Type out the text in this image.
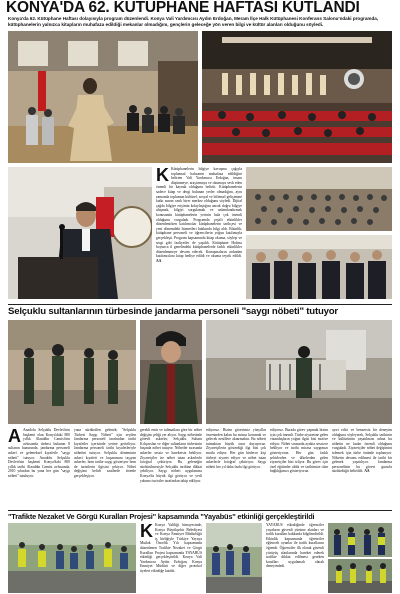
KONYA'DA 62. KÜTÜPHANE HAFTASI KUTLANDI
Konya'da 62. Kütüphane Haftası dolayısıyla program düzenlendi. Konya Vali Yardımcısı Aydın Erdoğan, Meram İlçe Halk Kütüphanesi Konferans Salonu'ndaki programda, kütüphanelerin yalnızca kitapların muhafaza edildiği mekanlar olmadığını, gençlerin geleceğe yön veren bilgi ve kültür alanları olduğunu söyledi.
K Kütüphanelerin bilgiye kavuşma çağıyla toplumsal hafızanın muhafaza edildiğini belirten Vali Yardımcısı Erdoğan, insanı düşünmeye, araştırmaya ve okumaya sevk eden önemli bir kaynak olduğunu belirtti. Kütüphanelerin sadece kitap ve dergi bulunan yerler olmadığını, aynı zamanda toplumun kültürel, sosyal ve bilimsel gelişimine katkı sunan canlı birer merkez olduğunu söyledi. Dijital çağda bilgiye erişimin kolaylaştığını ancak doğru bilgiye ulaşmak, bilgiyi sorgulamak ve anlamlandırmak konusunda kütüphanelerin yerinin hala çok önemli olduğunu vurguladı. Programda çeşitli etkinlikler düzenlenirken katılımcılar kütüphanelerin tarihçesi ve yeni dönemdeki hizmetleri hakkında bilgi aldı. Etkinlik, kütüphane personeli ve öğrencilerin yoğun katılımıyla gerçekleşti. Program kapsamında kitap okuma, söyleşi ve sergi gibi faaliyetler de yapıldı. Kütüphane Haftası boyunca il genelindeki kütüphanelerde farklı etkinlikler düzenlenmeye devam edecek. Konuşmaların ardından katılımcılara kitap hediye edildi ve okuma teşvik edildi. AA
Selçuklu sultanlarının türbesinde jandarma personeli "saygı nöbeti" tutuyor
A Anadolu Selçuklu Devleti'nin başkenti olan Konya'daki 800 yıllık Alaaddin Camisi'nin avlusunda türbesi bulunan 8 sultanın huzurunda, jandarma personeli askeri ve geleneksel kıyafetle "saygı nöbeti" tutuyor. Anadolu Selçuklu Devleti'nin başkenti Konya'daki 800 yıllık tarihi Alaaddin Camisi avlusunda, 2010 yılından bu yana her gün "saygı nöbeti" tutuluyor.
yana sürdürülen gelenek; "Selçuklu Türbesi Saygı Nöbeti" için seçilen Jandarma personeli tarafından tarihi kıyafetler içerisinde yerine getiriliyor. Jandarma personeli tarihi kıyafetleriyle nöbetini tutuyor. Selçuklu döneminin askeri kıyafeti ve kuşanımını taşıyan askerler, hem tarihe saygı gösteriyor hem de turistlerin ilgisini çekiyor. Nöbet değişimi belirli saatlerde törenle gerçekleşiyor.
gerekli emir ve talimatlara göre bir nöbet değişim çeliği yer alıyor. Saygı nöbetinde görevli askerler, Selçuklu Sultanı Kılıçarslan ve diğer sultanların türbesinin başında nöbet tutuyor. Nöbetler sırasında askerler sessiz ve hareketsiz bekliyor. Ziyaretçiler ise nöbet tutan askerlerle fotoğraf çektiriyor. Bu geleneğin sürdürülmesiyle Selçuklu tarihine dikkat çekiliyor. Saygı nöbeti uygulaması Konya'da büyük ilgi görüyor ve yerli yabancı turistler tarafından takip ediliyor.
ediyoruz. Bizim görevimiz yüzyıllar öncesinden kalan bu mirası korumak ve gelecek nesillere aktarmaktır. Bu nöbeti tutmaktan büyük onur duyuyoruz. Ziyaretçilerin gösterdiği ilgi bizi çok mutlu ediyor. Her gün binlerce kişi türbeyi ziyaret ediyor ve nöbet tutan askerlerle fotoğraf çektiriyor. Saygı nöbeti her yıl daha fazla ilgi görüyor.
ediyoruz. Burada görev yapmak bizim için çok önemli. Türbe ziyaretine gelen vatandaşların yoğun ilgisi bizi motive ediyor. Nöbet sırasında ayakta sessizce bekliyor ve tarihi mirasa saygımızı gösteriyoruz. Her gün farklı şehirlerden ve ülkelerden gelen ziyaretçiler bizi izliyor. Bu görev için özel eğitimler aldık ve tarihimize olan bağlılığımızı gösteriyoruz.
ayırt edici ve benzersiz bir deneyim olduğunu söyleyerek, Selçuklu tarihinin ve kültürünün yaşatılması adına bu nöbetin ne kadar önemli olduğunu vurguladı. Ziyaretçiler nöbet değişimini izlemek için türbe önünde toplanıyor. Nöbetin devamı edilmesi ile tarihi bir gelenek yaşatılıyor. Jandarma personelinin bu görevi gururla sürdürdüğü belirtildi. AA
"Trafikte Nezaket Ve Görgü Kuralları Projesi" kapsamında "Yayabüs" etkinliği gerçekleştirildi
K Konya Valiliği himayesinde, Konya Büyükşehir Belediyesi ve Konya Emniyet Müdürlüğü iş birliğiyle Türkiye Yayaya Mutlak Öncelik Yılı kapsamında düzenlenen Trafikte Nezaket ve Görgü Kuralları Projesi kapsamında YAYABÜS etkinliği gerçekleştirildi. Konya Vali Yardımcısı Aydın Erdoğan, Konya Emniyet Müdürü ve diğer protokol üyeleri etkinliğe katıldı.
YAYABÜS etkinliğinde öğrenciler yayaların güvenli yürüme alanları ve trafik kuralları hakkında bilgilendirildi. Etkinlik kapsamında öğrenciler eğlenceli oyunlar ile trafik kurallarını öğrendi. Öğrenciler ilk olarak güvenli yürüyüş alanlarında hareket ederek trafikte dikkat edilmesi gereken kuralları uygulamalı olarak deneyimledi.
